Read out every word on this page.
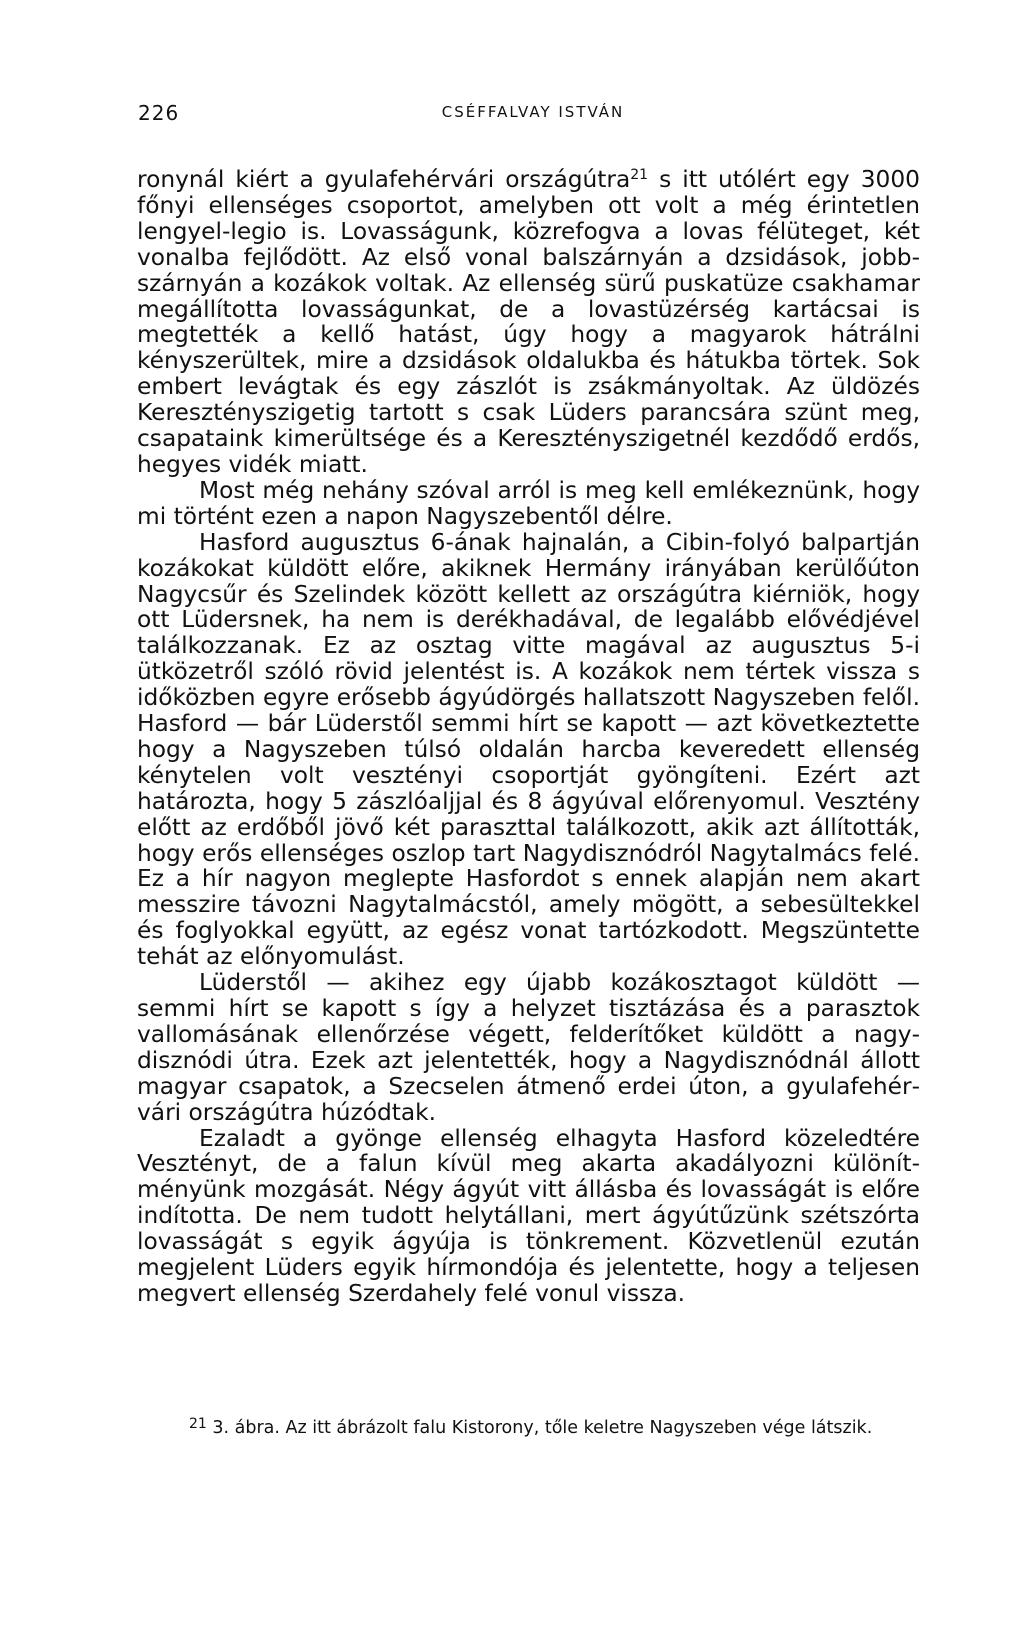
226	CSÉFFALVAY ISTVÁN

ronynál kiért a gyulafehérvári országútra$^{21}$ s itt utólért egy 3000 főnyi ellenséges csoportot, amelyben ott volt a még érintetlen lengyel-legio is. Lovasságunk, közrefogva a lovas félüteget, két vonalba fejlődött. Az első vonal balszárnyán a dzsidások, jobbszárnyán a kozákok voltak. Az ellenség sürű puskatüze csakhamar megállította lovasságunkat, de a lovastüzérség kartácsai is megtették a kellő hatást, úgy hogy a magyarok hátrálni kényszerültek, mire a dzsidások oldalukba és hátukba törtek. Sok embert levágtak és egy zászlót is zsákmányoltak. Az üldözés Keresztényszigetig tartott s csak Lüders parancsára szünt meg, csapataink kimerültsége és a Keresztényszigetnél kezdődő erdős, hegyes vidék miatt.

Most még nehány szóval arról is meg kell emlékeznünk, hogy mi történt ezen a napon Nagyszebentől délre.

Hasford augusztus 6-ának hajnalán, a Cibin-folyó balpartján kozákokat küldött előre, akiknek Hermány irányában kerülőúton Nagycsűr és Szelindek között kellett az országútra kiérniök, hogy ott Lüdersnek, ha nem is derékhadával, de legalább elővédjével találkozzanak. Ez az osztag vitte magával az augusztus 5-i ütközetről szóló rövid jelentést is. A kozákok nem tértek vissza s időközben egyre erősebb ágyúdörgés hallatszott Nagyszeben felől. Hasford — bár Lüderstől semmi hírt se kapott — azt következtette hogy a Nagyszeben túlsó oldalán harcba keveredett ellenség kénytelen volt vesztényi csoportját gyöngíteni. Ezért azt határozta, hogy 5 zászlóaljjal és 8 ágyúval előrenyomul. Vesztény előtt az erdőből jövő két paraszttal találkozott, akik azt állították, hogy erős ellenséges oszlop tart Nagydisznódról Nagytalmács felé. Ez a hír nagyon meglepte Hasfordot s ennek alapján nem akart messzire távozni Nagytalmácstól, amely mögött, a sebesültekkel és foglyokkal együtt, az egész vonat tartózkodott. Megszüntette tehát az előnyomulást.

Lüderstől — akihez egy újabb kozákosztagot küldött — semmi hírt se kapott s így a helyzet tisztázása és a parasztok vallomásának ellenőrzése végett, felderítőket küldött a nagydisznódi útra. Ezek azt jelentették, hogy a Nagydisznódnál állott magyar csapatok, a Szecselen átmenő erdei úton, a gyulafehérvári országútra húzódtak.

Ezaladt a gyönge ellenség elhagyta Hasford közeledtére Vesztényt, de a falun kívül meg akarta akadályozni különítményünk mozgását. Négy ágyút vitt állásba és lovasságát is előre indította. De nem tudott helytállani, mert ágyútűzünk szétszórta lovasságát s egyik ágyúja is tönkrement. Közvetlenül ezután megjelent Lüders egyik hírmondója és jelentette, hogy a teljesen megvert ellenség Szerdahely felé vonul vissza.

$^{21}$ 3. ábra. Az itt ábrázolt falu Kistorony, tőle keletre Nagyszeben vége látszik.
